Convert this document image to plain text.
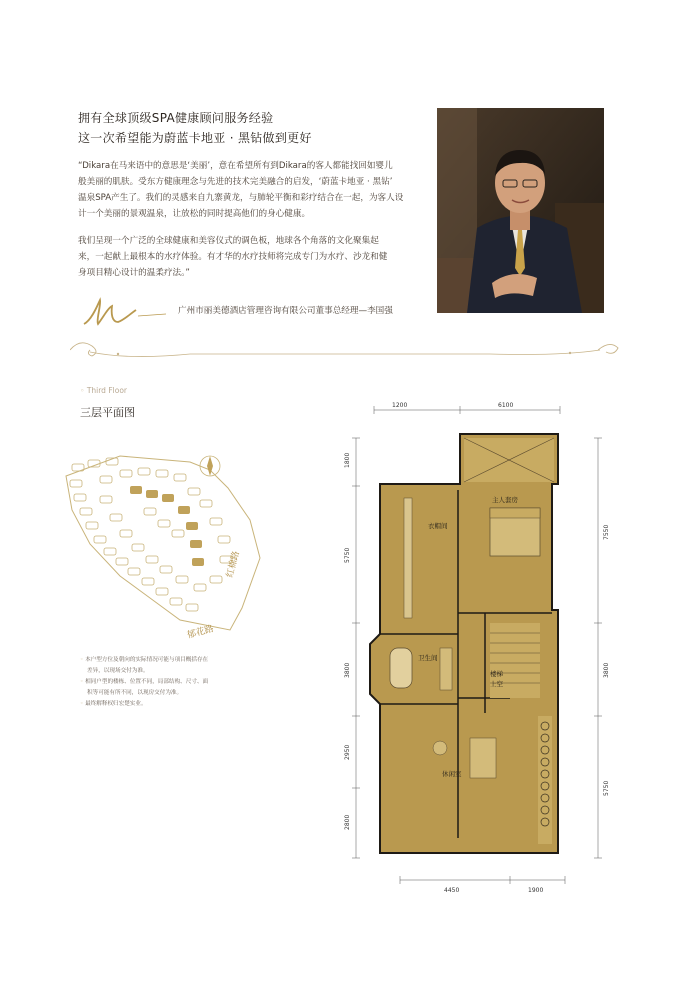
拥有全球顶级SPA健康顾问服务经验
这一次希望能为蔚蓝卡地亚 · 黑钻做到更好
“Dikara在马来语中的意思是‘美丽’，意在希望所有到Dikara的客人都能找回如婴儿
般美丽的肌肤。受东方健康理念与先进的技术完美融合的启发，‘蔚蓝卡地亚 · 黑钻’
温泉SPA产生了。我们的灵感来自九寨黄龙，与肺轮平衡和彩疗结合在一起，为客人设
计一个美丽的景观温泉，让放松的同时提高他们的身心健康。
我们呈现一个广泛的全球健康和美容仪式的调色板，地球各个角落的文化聚集起
来，一起献上最根本的水疗体验。有才华的水疗技师将完成专门为水疗、沙龙和健
身项目精心设计的温柔疗法。”
广州市丽美德酒店管理咨询有限公司董事总经理—李国强
◦ Third Floor
三层平面图
红棉路
郁花路
◦ 本户型方位及朝向的实际情况可能与项目概括存在
差异，以现场交付为准。
◦ 相同户型的楼栋、位置不同，局部结构、尺寸、面
积等可能有所不同，以现房交付为准。
◦ 最终解释权归宏楚实业。
1200	6100
4450	1900
1800
5750
3800
2950
2800
7550
3800
5750
衣帽间
主人套房
卫生间
楼梯
上空
休闲室
